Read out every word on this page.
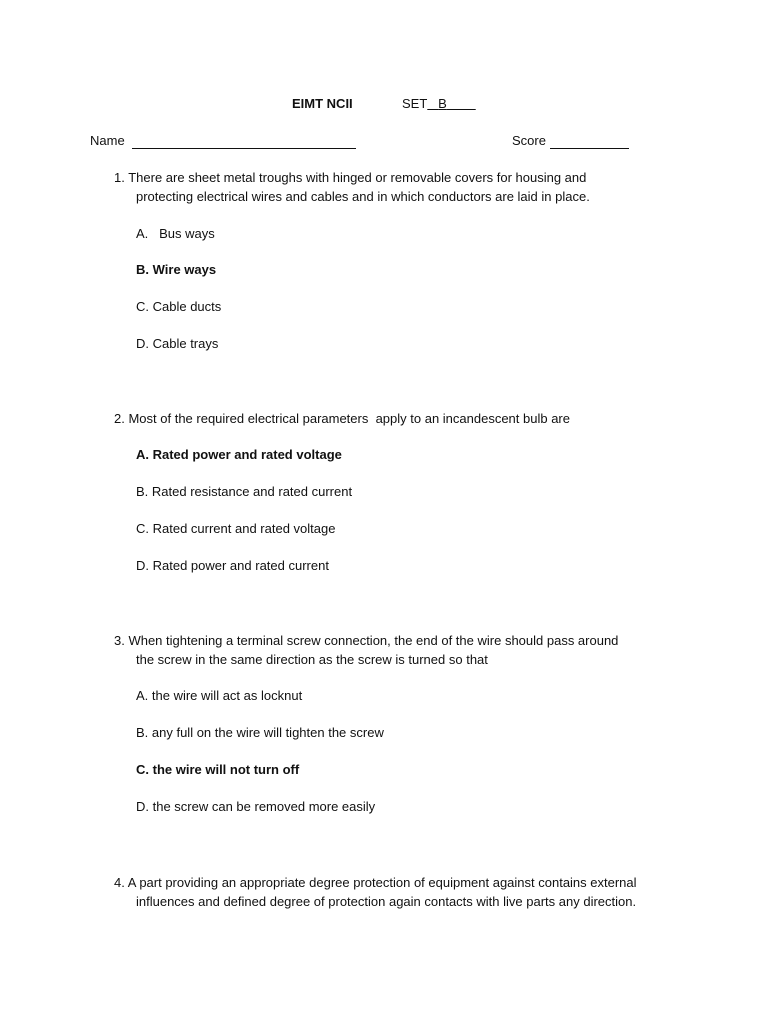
EIMT NCII	SET B
Name	Score
1. There are sheet metal troughs with hinged or removable covers for housing and
protecting electrical wires and cables and in which conductors are laid in place.
A.   Bus ways
B. Wire ways
C. Cable ducts
D. Cable trays
2. Most of the required electrical parameters  apply to an incandescent bulb are
A. Rated power and rated voltage
B. Rated resistance and rated current
C. Rated current and rated voltage
D. Rated power and rated current
3. When tightening a terminal screw connection, the end of the wire should pass around
the screw in the same direction as the screw is turned so that
A. the wire will act as locknut
B. any full on the wire will tighten the screw
C. the wire will not turn off
D. the screw can be removed more easily
4. A part providing an appropriate degree protection of equipment against contains external
influences and defined degree of protection again contacts with live parts any direction.
